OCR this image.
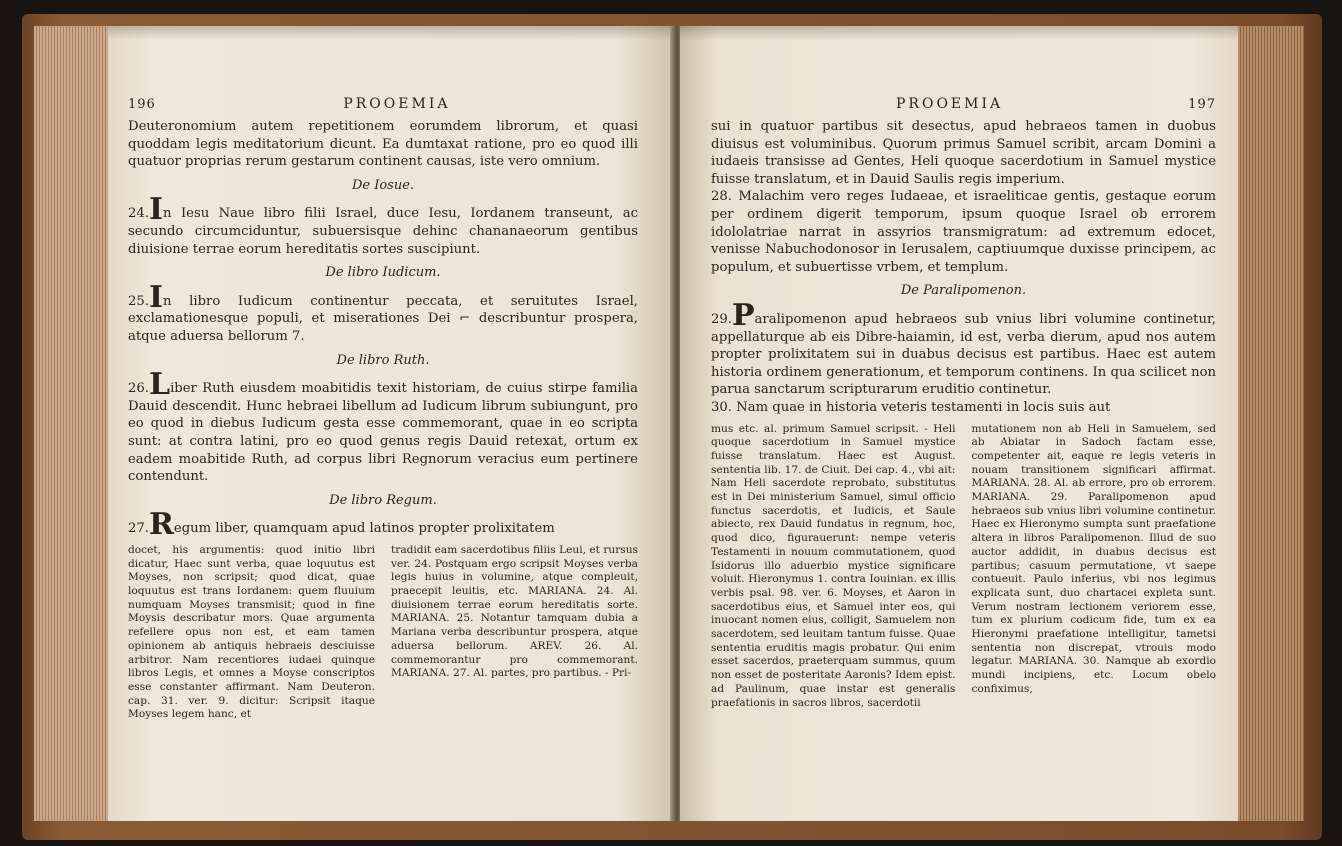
196	PROOEMIA

Deuteronomium autem repetitionem eorumdem librorum, et quasi quoddam legis meditatorium dicunt. Ea dumtaxat ratione, pro eo quod illi quatuor proprias rerum gestarum continent causas, iste vero omnium.

De Iosue.

24.In Iesu Naue libro filii Israel, duce Iesu, Iordanem transeunt, ac secundo circumciduntur, subuersisque dehinc chananaeorum gentibus diuisione terrae eorum hereditatis sortes suscipiunt.

De libro Iudicum.

25.In libro Iudicum continentur peccata, et seruitutes Israel, exclamationesque populi, et miserationes Dei ⌐ describuntur prospera, atque aduersa bellorum 7.

De libro Ruth.

26.Liber Ruth eiusdem moabitidis texit historiam, de cuius stirpe familia Dauid descendit. Hunc hebraei libellum ad Iudicum librum subiungunt, pro eo quod in diebus Iudicum gesta esse commemorant, quae in eo scripta sunt: at contra latini, pro eo quod genus regis Dauid retexat, ortum ex eadem moabitide Ruth, ad corpus libri Regnorum veracius eum pertinere contendunt.

De libro Regum.

27.Regum liber, quamquam apud latinos propter prolixitatem

docet, his argumentis: quod initio libri dicatur, Haec sunt verba, quae loquutus est Moyses, non scripsit; quod dicat, quae loquutus est trans Iordanem: quem fluuium numquam Moyses transmisit; quod in fine Moysis describatur mors. Quae argumenta refellere opus non est, et eam tamen opinionem ab antiquis hebraeis desciuisse arbitror. Nam recentiores iudaei quinque libros Legis, et omnes a Moyse conscriptos esse constanter affirmant. Nam Deuteron. cap. 31. ver. 9. dicitur: Scripsit itaque Moyses legem hanc, et

tradidit eam sacerdotibus filiis Leui, et rursus ver. 24. Postquam ergo scripsit Moyses verba legis huius in volumine, atque compleuit, praecepit leuitis, etc. MARIANA. 24. Al. diuisionem terrae eorum hereditatis sorte. MARIANA. 25. Notantur tamquam dubia a Mariana verba describuntur prospera, atque aduersa bellorum. AREV. 26. Al. commemorantur pro commemorant. MARIANA. 27. Al. partes, pro partibus. - Pri-

PROOEMIA	197

sui in quatuor partibus sit desectus, apud hebraeos tamen in duobus diuisus est voluminibus. Quorum primus Samuel scribit, arcam Domini a iudaeis transisse ad Gentes, Heli quoque sacerdotium in Samuel mystice fuisse translatum, et in Dauid Saulis regis imperium.

28. Malachim vero reges Iudaeae, et israeliticae gentis, gestaque eorum per ordinem digerit temporum, ipsum quoque Israel ob errorem idololatriae narrat in assyrios transmigratum: ad extremum edocet, venisse Nabuchodonosor in Ierusalem, captiuumque duxisse principem, ac populum, et subuertisse vrbem, et templum.

De Paralipomenon.

29.Paralipomenon apud hebraeos sub vnius libri volumine continetur, appellaturque ab eis Dibre-haiamin, id est, verba dierum, apud nos autem propter prolixitatem sui in duabus decisus est partibus. Haec est autem historia ordinem generationum, et temporum continens. In qua scilicet non parua sanctarum scripturarum eruditio continetur.

30. Nam quae in historia veteris testamenti in locis suis aut

mus etc. al. primum Samuel scripsit. - Heli quoque sacerdotium in Samuel mystice fuisse translatum. Haec est August. sententia lib. 17. de Ciuit. Dei cap. 4., vbi ait: Nam Heli sacerdote reprobato, substitutus est in Dei ministerium Samuel, simul officio functus sacerdotis, et Iudicis, et Saule abiecto, rex Dauid fundatus in regnum, hoc, quod dico, figurauerunt: nempe veteris Testamenti in nouum commutationem, quod Isidorus illo aduerbio mystice significare voluit. Hieronymus 1. contra Iouinian. ex illis verbis psal. 98. ver. 6. Moyses, et Aaron in sacerdotibus eius, et Samuel inter eos, qui inuocant nomen eius, colligit, Samuelem non sacerdotem, sed leuitam tantum fuisse. Quae sententia eruditis magis probatur. Qui enim esset sacerdos, praeterquam summus, quum non esset de posteritate Aaronis? Idem epist. ad Paulinum, quae instar est generalis praefationis in sacros libros, sacerdotii

mutationem non ab Heli in Samuelem, sed ab Abiatar in Sadoch factam esse, competenter ait, eaque re legis veteris in nouam transitionem significari affirmat. MARIANA. 28. Al. ab errore, pro ob errorem. MARIANA. 29. Paralipomenon apud hebraeos sub vnius libri volumine continetur. Haec ex Hieronymo sumpta sunt praefatione altera in libros Paralipomenon. Illud de suo auctor addidit, in duabus decisus est partibus; casuum permutatione, vt saepe contueuit. Paulo inferius, vbi nos legimus explicata sunt, duo chartacei expleta sunt. Verum nostram lectionem veriorem esse, tum ex plurium codicum fide, tum ex ea Hieronymi praefatione intelligitur, tametsi sententia non discrepat, vtrouis modo legatur. MARIANA. 30. Namque ab exordio mundi incipiens, etc. Locum obelo confiximus,
